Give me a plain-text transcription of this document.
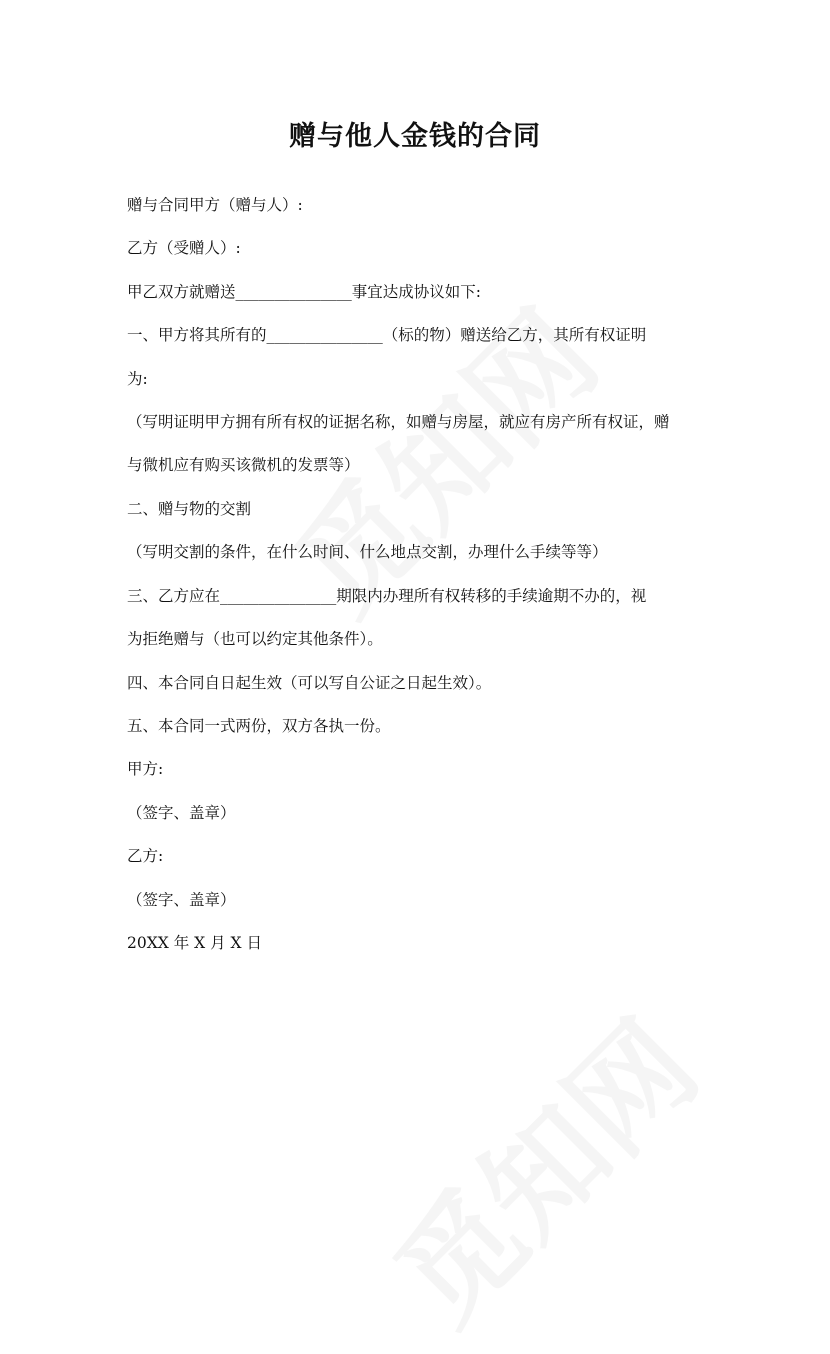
赠与他人金钱的合同
赠与合同甲方（赠与人）:
乙方（受赠人）:
甲乙双方就赠送_______________事宜达成协议如下:
一、甲方将其所有的_______________（标的物）赠送给乙方，其所有权证明
为:
（写明证明甲方拥有所有权的证据名称，如赠与房屋，就应有房产所有权证，赠
与微机应有购买该微机的发票等）
二、赠与物的交割
（写明交割的条件，在什么时间、什么地点交割，办理什么手续等等）
三、乙方应在_______________期限内办理所有权转移的手续逾期不办的，视
为拒绝赠与（也可以约定其他条件）。
四、本合同自日起生效（可以写自公证之日起生效）。
五、本合同一式两份，双方各执一份。
甲方:
（签字、盖章）
乙方:
（签字、盖章）
20XX 年 X 月 X 日
